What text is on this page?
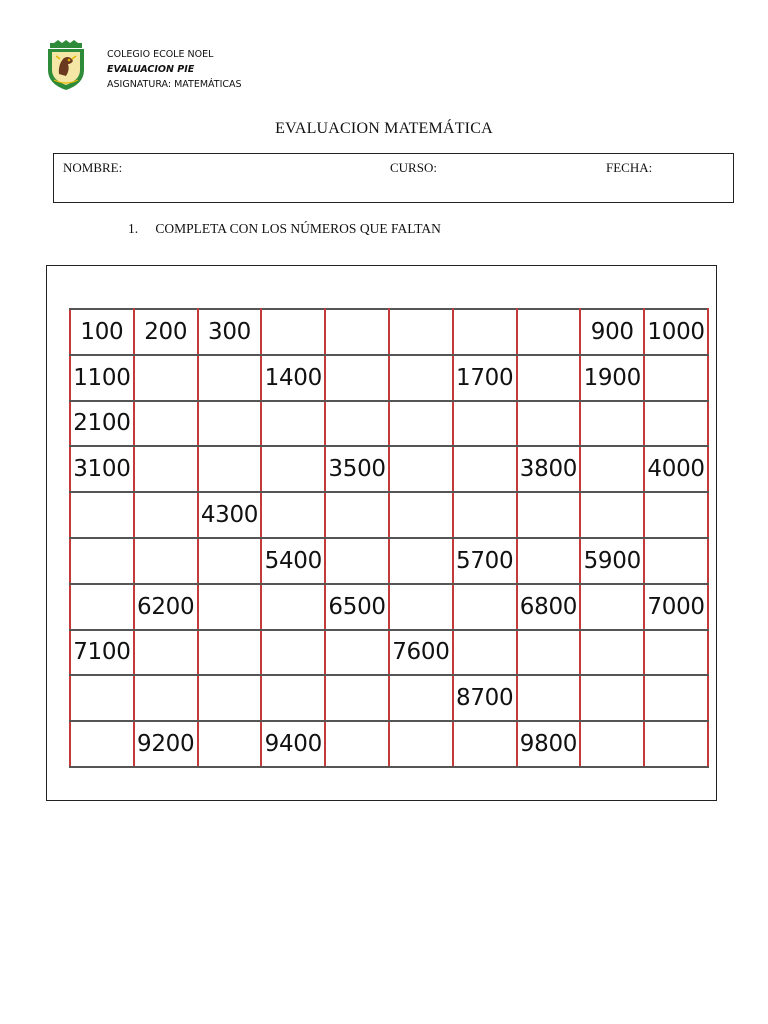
COLEGIO ECOLE NOEL
EVALUACION PIE
ASIGNATURA: MATEMÁTICAS
EVALUACION MATEMÁTICA
NOMBRE:	CURSO:	FECHA:
1. COMPLETA CON LOS NÚMEROS QUE FALTAN
100	200	300						900	1000
1100			1400			1700		1900	
2100									
3100				3500			3800		4000
		4300							
			5400			5700		5900	
	6200			6500			6800		7000
7100					7600				
						8700			
	9200		9400				9800		
